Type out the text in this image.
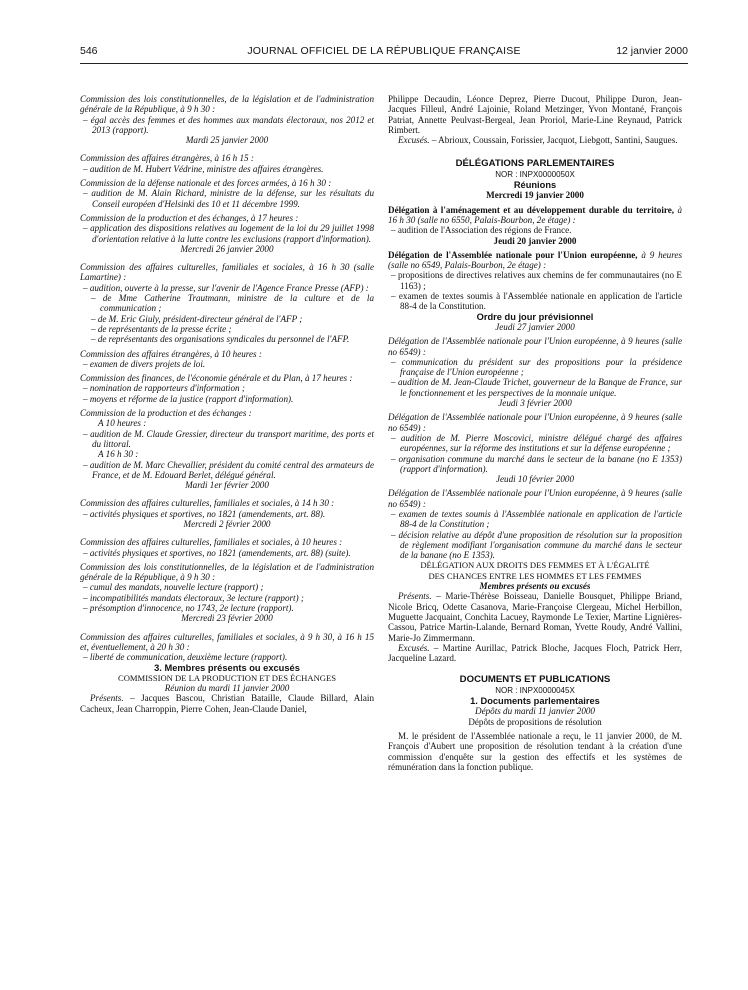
546	JOURNAL OFFICIEL DE LA RÉPUBLIQUE FRANÇAISE	12 janvier 2000

Commission des lois constitutionnelles, de la législation et de l'administration générale de la République, à 9 h 30 :

– égal accès des femmes et des hommes aux mandats électoraux, nos 2012 et 2013 (rapport).

Mardi 25 janvier 2000

Commission des affaires étrangères, à 16 h 15 :

– audition de M. Hubert Védrine, ministre des affaires étrangères.

Commission de la défense nationale et des forces armées, à 16 h 30 :

– audition de M. Alain Richard, ministre de la défense, sur les résultats du Conseil européen d'Helsinki des 10 et 11 décembre 1999.

Commission de la production et des échanges, à 17 heures :

– application des dispositions relatives au logement de la loi du 29 juillet 1998 d'orientation relative à la lutte contre les exclusions (rapport d'information).

Mercredi 26 janvier 2000

Commission des affaires culturelles, familiales et sociales, à 16 h 30 (salle Lamartine) :

– audition, ouverte à la presse, sur l'avenir de l'Agence France Presse (AFP) :

– de Mme Catherine Trautmann, ministre de la culture et de la communication ;

– de M. Eric Giuly, président-directeur général de l'AFP ;

– de représentants de la presse écrite ;

– de représentants des organisations syndicales du personnel de l'AFP.

Commission des affaires étrangères, à 10 heures :

– examen de divers projets de loi.

Commission des finances, de l'économie générale et du Plan, à 17 heures :

– nomination de rapporteurs d'information ;

– moyens et réforme de la justice (rapport d'information).

Commission de la production et des échanges :

A 10 heures :

– audition de M. Claude Gressier, directeur du transport maritime, des ports et du littoral.

A 16 h 30 :

– audition de M. Marc Chevallier, président du comité central des armateurs de France, et de M. Edouard Berlet, délégué général.

Mardi 1er février 2000

Commission des affaires culturelles, familiales et sociales, à 14 h 30 :

– activités physiques et sportives, no 1821 (amendements, art. 88).

Mercredi 2 février 2000

Commission des affaires culturelles, familiales et sociales, à 10 heures :

– activités physiques et sportives, no 1821 (amendements, art. 88) (suite).

Commission des lois constitutionnelles, de la législation et de l'administration générale de la République, à 9 h 30 :

– cumul des mandats, nouvelle lecture (rapport) ;

– incompatibilités mandats électoraux, 3e lecture (rapport) ;

– présomption d'innocence, no 1743, 2e lecture (rapport).

Mercredi 23 février 2000

Commission des affaires culturelles, familiales et sociales, à 9 h 30, à 16 h 15 et, éventuellement, à 20 h 30 :

– liberté de communication, deuxième lecture (rapport).

3. Membres présents ou excusés

COMMISSION DE LA PRODUCTION ET DES ÉCHANGES

Réunion du mardi 11 janvier 2000

Présents. – Jacques Bascou, Christian Bataille, Claude Billard, Alain Cacheux, Jean Charroppin, Pierre Cohen, Jean-Claude Daniel,

Philippe Decaudin, Léonce Deprez, Pierre Ducout, Philippe Duron, Jean-Jacques Filleul, André Lajoinie, Roland Metzinger, Yvon Montané, François Patriat, Annette Peulvast-Bergeal, Jean Proriol, Marie-Line Reynaud, Patrick Rimbert.

Excusés. – Abrioux, Coussain, Forissier, Jacquot, Liebgott, Santini, Saugues.

DÉLÉGATIONS PARLEMENTAIRES

NOR : INPX0000050X

Réunions

Mercredi 19 janvier 2000

Délégation à l'aménagement et au développement durable du territoire, à 16 h 30 (salle no 6550, Palais-Bourbon, 2e étage) :

– audition de l'Association des régions de France.

Jeudi 20 janvier 2000

Délégation de l'Assemblée nationale pour l'Union européenne, à 9 heures (salle no 6549, Palais-Bourbon, 2e étage) :

– propositions de directives relatives aux chemins de fer communautaires (no E 1163) ;

– examen de textes soumis à l'Assemblée nationale en application de l'article 88-4 de la Constitution.

Ordre du jour prévisionnel

Jeudi 27 janvier 2000

Délégation de l'Assemblée nationale pour l'Union européenne, à 9 heures (salle no 6549) :

– communication du président sur des propositions pour la présidence française de l'Union européenne ;

– audition de M. Jean-Claude Trichet, gouverneur de la Banque de France, sur le fonctionnement et les perspectives de la monnaie unique.

Jeudi 3 février 2000

Délégation de l'Assemblée nationale pour l'Union européenne, à 9 heures (salle no 6549) :

– audition de M. Pierre Moscovici, ministre délégué chargé des affaires européennes, sur la réforme des institutions et sur la défense européenne ;

– organisation commune du marché dans le secteur de la banane (no E 1353) (rapport d'information).

Jeudi 10 février 2000

Délégation de l'Assemblée nationale pour l'Union européenne, à 9 heures (salle no 6549) :

– examen de textes soumis à l'Assemblée nationale en application de l'article 88-4 de la Constitution ;

– décision relative au dépôt d'une proposition de résolution sur la proposition de règlement modifiant l'organisation commune du marché dans le secteur de la banane (no E 1353).

DÉLÉGATION AUX DROITS DES FEMMES ET À L'ÉGALITÉ

DES CHANCES ENTRE LES HOMMES ET LES FEMMES

Membres présents ou excusés

Présents. – Marie-Thérèse Boisseau, Danielle Bousquet, Philippe Briand, Nicole Bricq, Odette Casanova, Marie-Françoise Clergeau, Michel Herbillon, Muguette Jacquaint, Conchita Lacuey, Raymonde Le Texier, Martine Lignières-Cassou, Patrice Martin-Lalande, Bernard Roman, Yvette Roudy, André Vallini, Marie-Jo Zimmermann.

Excusés. – Martine Aurillac, Patrick Bloche, Jacques Floch, Patrick Herr, Jacqueline Lazard.

DOCUMENTS ET PUBLICATIONS

NOR : INPX0000045X

1. Documents parlementaires

Dépôts du mardi 11 janvier 2000

Dépôts de propositions de résolution

M. le président de l'Assemblée nationale a reçu, le 11 janvier 2000, de M. François d'Aubert une proposition de résolution tendant à la création d'une commission d'enquête sur la gestion des effectifs et les systèmes de rémunération dans la fonction publique.
